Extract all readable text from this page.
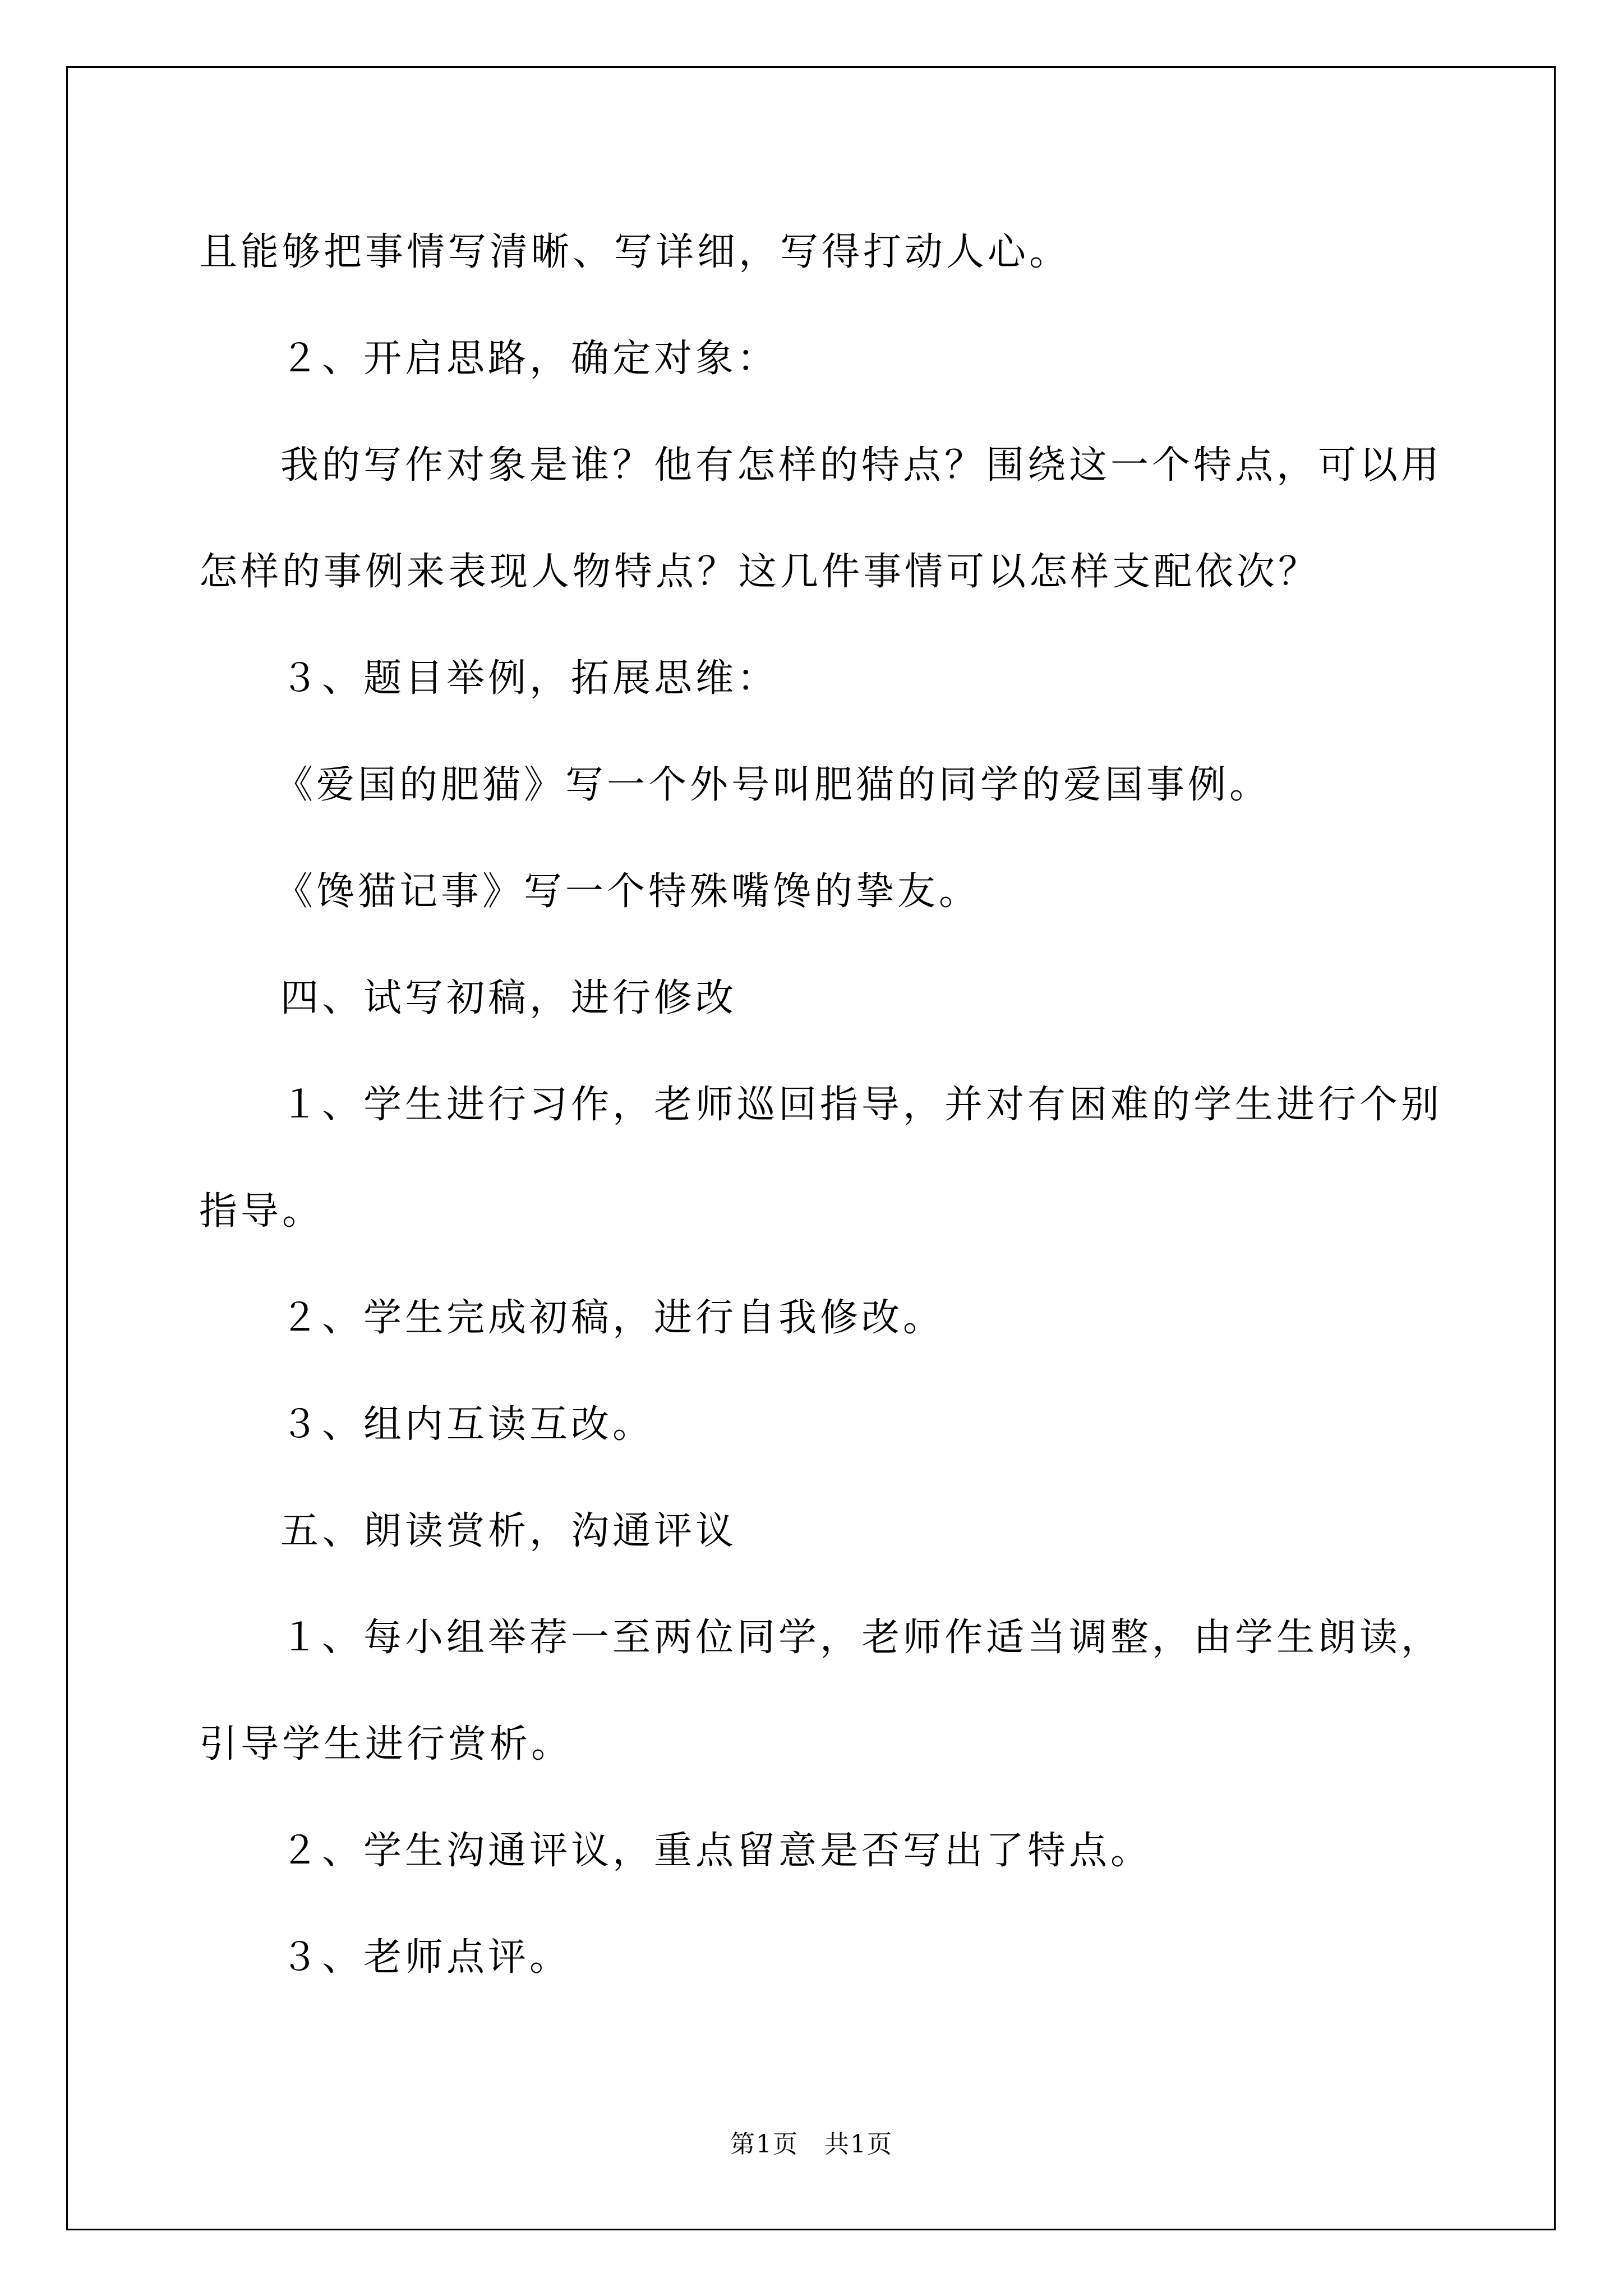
且能够把事情写清晰、写详细，写得打动人心。
２、开启思路，确定对象：
我的写作对象是谁？他有怎样的特点？围绕这一个特点，可以用
怎样的事例来表现人物特点？这几件事情可以怎样支配依次？
３、题目举例，拓展思维：
《爱国的肥猫》写一个外号叫肥猫的同学的爱国事例。
《馋猫记事》写一个特殊嘴馋的挚友。
四、试写初稿，进行修改
１、学生进行习作，老师巡回指导，并对有困难的学生进行个别
指导。
２、学生完成初稿，进行自我修改。
３、组内互读互改。
五、朗读赏析，沟通评议
１、每小组举荐一至两位同学，老师作适当调整，由学生朗读，
引导学生进行赏析。
２、学生沟通评议，重点留意是否写出了特点。
３、老师点评。
第1页　共1页
